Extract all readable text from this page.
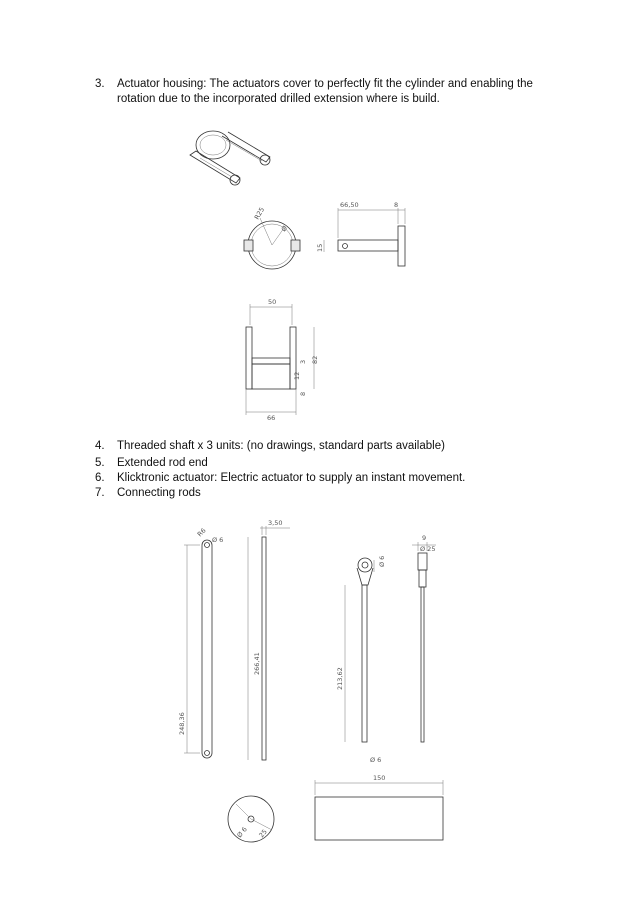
3. Actuator housing: The actuators cover to perfectly fit the cylinder and enabling the
rotation due to the incorporated drilled extension where is build.
4. Threaded shaft x 3 units: (no drawings, standard parts available)
5. Extended rod end
6. Klicktronic actuator: Electric actuator to supply an instant movement.
7. Connecting rods
R25
Ø
66,50	8
15
50
66
82
3
12
8
248,36
R6
Ø 6
3,50
266,41
Ø 6
213,62
Ø 6
9
Ø 25
Ø 6 25
150
